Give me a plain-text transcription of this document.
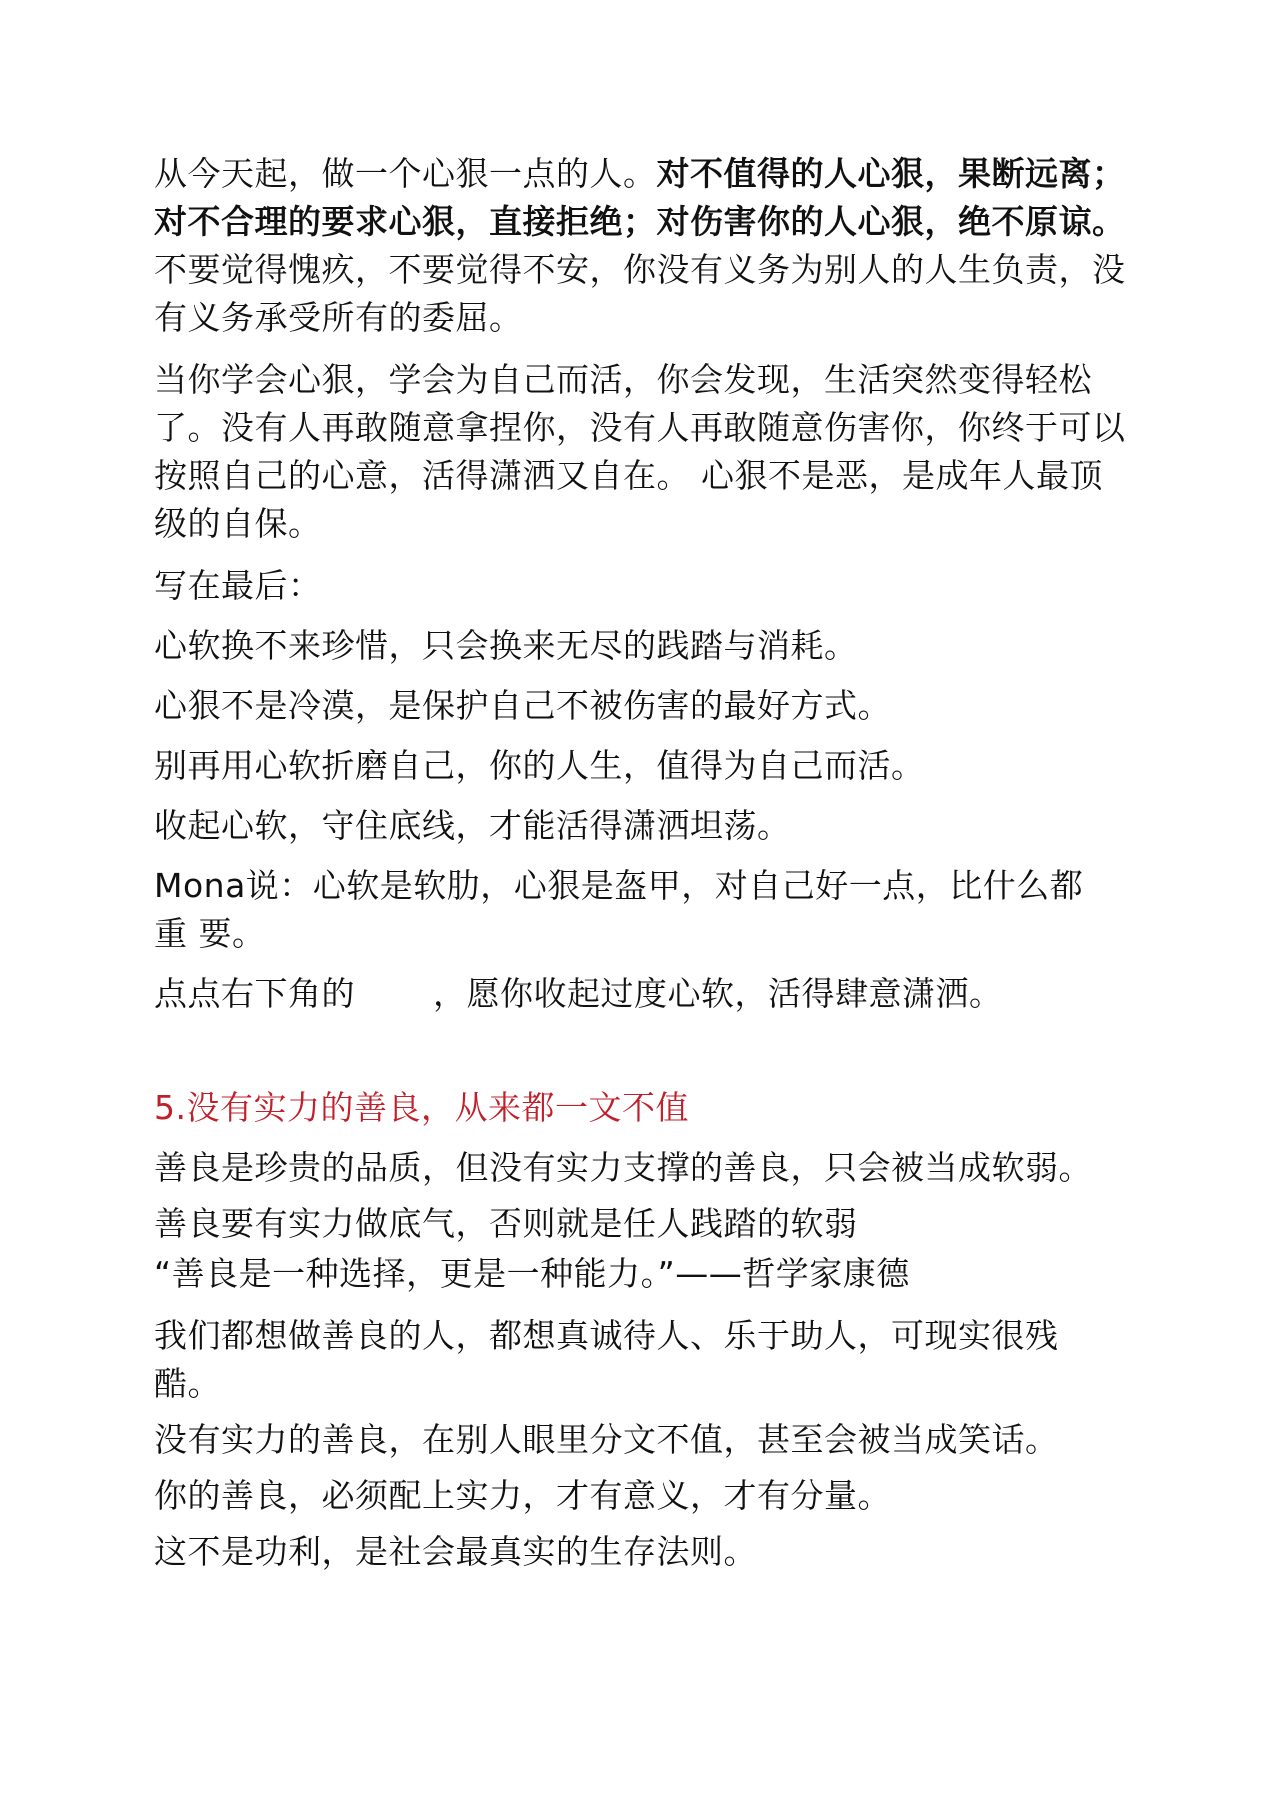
从今天起，做一个心狠一点的人。对不值得的人心狠，果断远离；对不合理的要求心狠，直接拒绝；对伤害你的人心狠，绝不原谅。不要觉得愧疚，不要觉得不安，你没有义务为别人的人生负责，没有义务承受所有的委屈。

当你学会心狠，学会为自己而活，你会发现，生活突然变得轻松了。没有人再敢随意拿捏你，没有人再敢随意伤害你，你终于可以按照自己的心意，活得潇洒又自在。 心狠不是恶，是成年人最顶级的自保。

写在最后：

心软换不来珍惜，只会换来无尽的践踏与消耗。

心狠不是冷漠，是保护自己不被伤害的最好方式。

别再用心软折磨自己，你的人生，值得为自己而活。

收起心软，守住底线，才能活得潇洒坦荡。

Mona说：心软是软肋，心狠是盔甲，对自己好一点，比什么都重 要。

点点右下角的 ，愿你收起过度心软，活得肆意潇洒。

5.没有实力的善良，从来都一文不值

善良是珍贵的品质，但没有实力支撑的善良，只会被当成软弱。

善良要有实力做底气，否则就是任人践踏的软弱

“善良是一种选择，更是一种能力。”——哲学家康德

我们都想做善良的人，都想真诚待人、乐于助人，可现实很残酷。

没有实力的善良，在别人眼里分文不值，甚至会被当成笑话。

你的善良，必须配上实力，才有意义，才有分量。

这不是功利，是社会最真实的生存法则。
